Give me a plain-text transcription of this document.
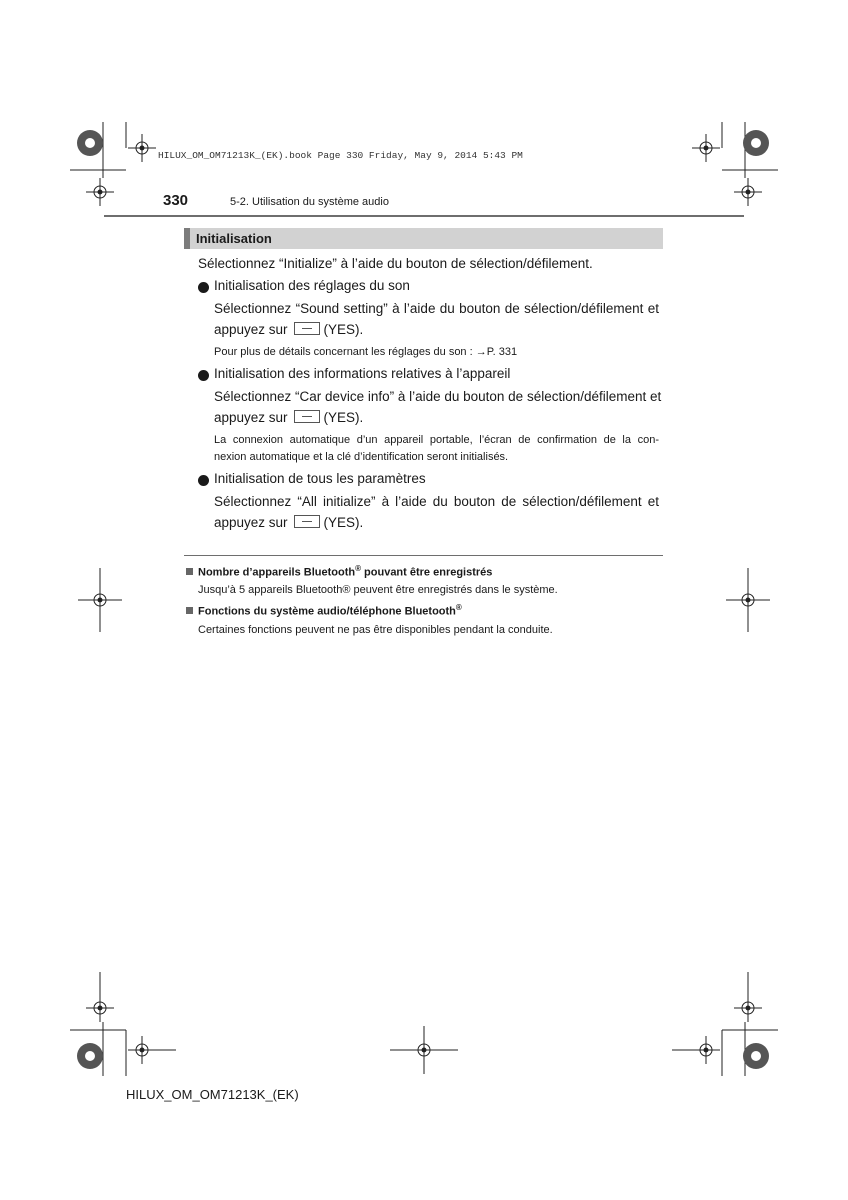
HILUX_OM_OM71213K_(EK).book Page 330 Friday, May 9, 2014 5:43 PM
330	5-2. Utilisation du système audio
Initialisation
Sélectionnez “Initialize” à l’aide du bouton de sélection/défilement.
Initialisation des réglages du son
Sélectionnez “Sound setting” à l’aide du bouton de sélection/défilement et
appuyez sur	(YES).
Pour plus de détails concernant les réglages du son : →P. 331
Initialisation des informations relatives à l’appareil
Sélectionnez “Car device info” à l’aide du bouton de sélection/défilement et
appuyez sur	(YES).
La connexion automatique d’un appareil portable, l’écran de confirmation de la con-
nexion automatique et la clé d’identification seront initialisés.
Initialisation de tous les paramètres
Sélectionnez “All initialize” à l’aide du bouton de sélection/défilement et
appuyez sur	(YES).
Nombre d’appareils Bluetooth® pouvant être enregistrés
Jusqu’à 5 appareils Bluetooth® peuvent être enregistrés dans le système.
Fonctions du système audio/téléphone Bluetooth®
Certaines fonctions peuvent ne pas être disponibles pendant la conduite.
HILUX_OM_OM71213K_(EK)
